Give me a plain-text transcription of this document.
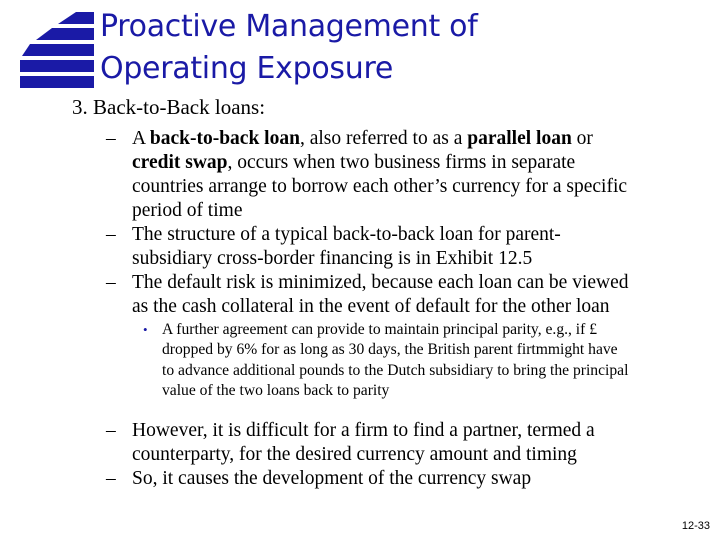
Proactive Management of
Operating Exposure
3. Back-to-Back loans:
– A back-to-back loan, also referred to as a parallel loan or
credit swap, occurs when two business firms in separate
countries arrange to borrow each other’s currency for a specific
period of time
– The structure of a typical back-to-back loan for parent-
subsidiary cross-border financing is in Exhibit 12.5
– The default risk is minimized, because each loan can be viewed
as the cash collateral in the event of default for the other loan
• A further agreement can provide to maintain principal parity, e.g., if £
dropped by 6% for as long as 30 days, the British parent firtmmight have
to advance additional pounds to the Dutch subsidiary to bring the principal
value of the two loans back to parity
– However, it is difficult for a firm to find a partner, termed a
counterparty, for the desired currency amount and timing
– So, it causes the development of the currency swap
12-33
